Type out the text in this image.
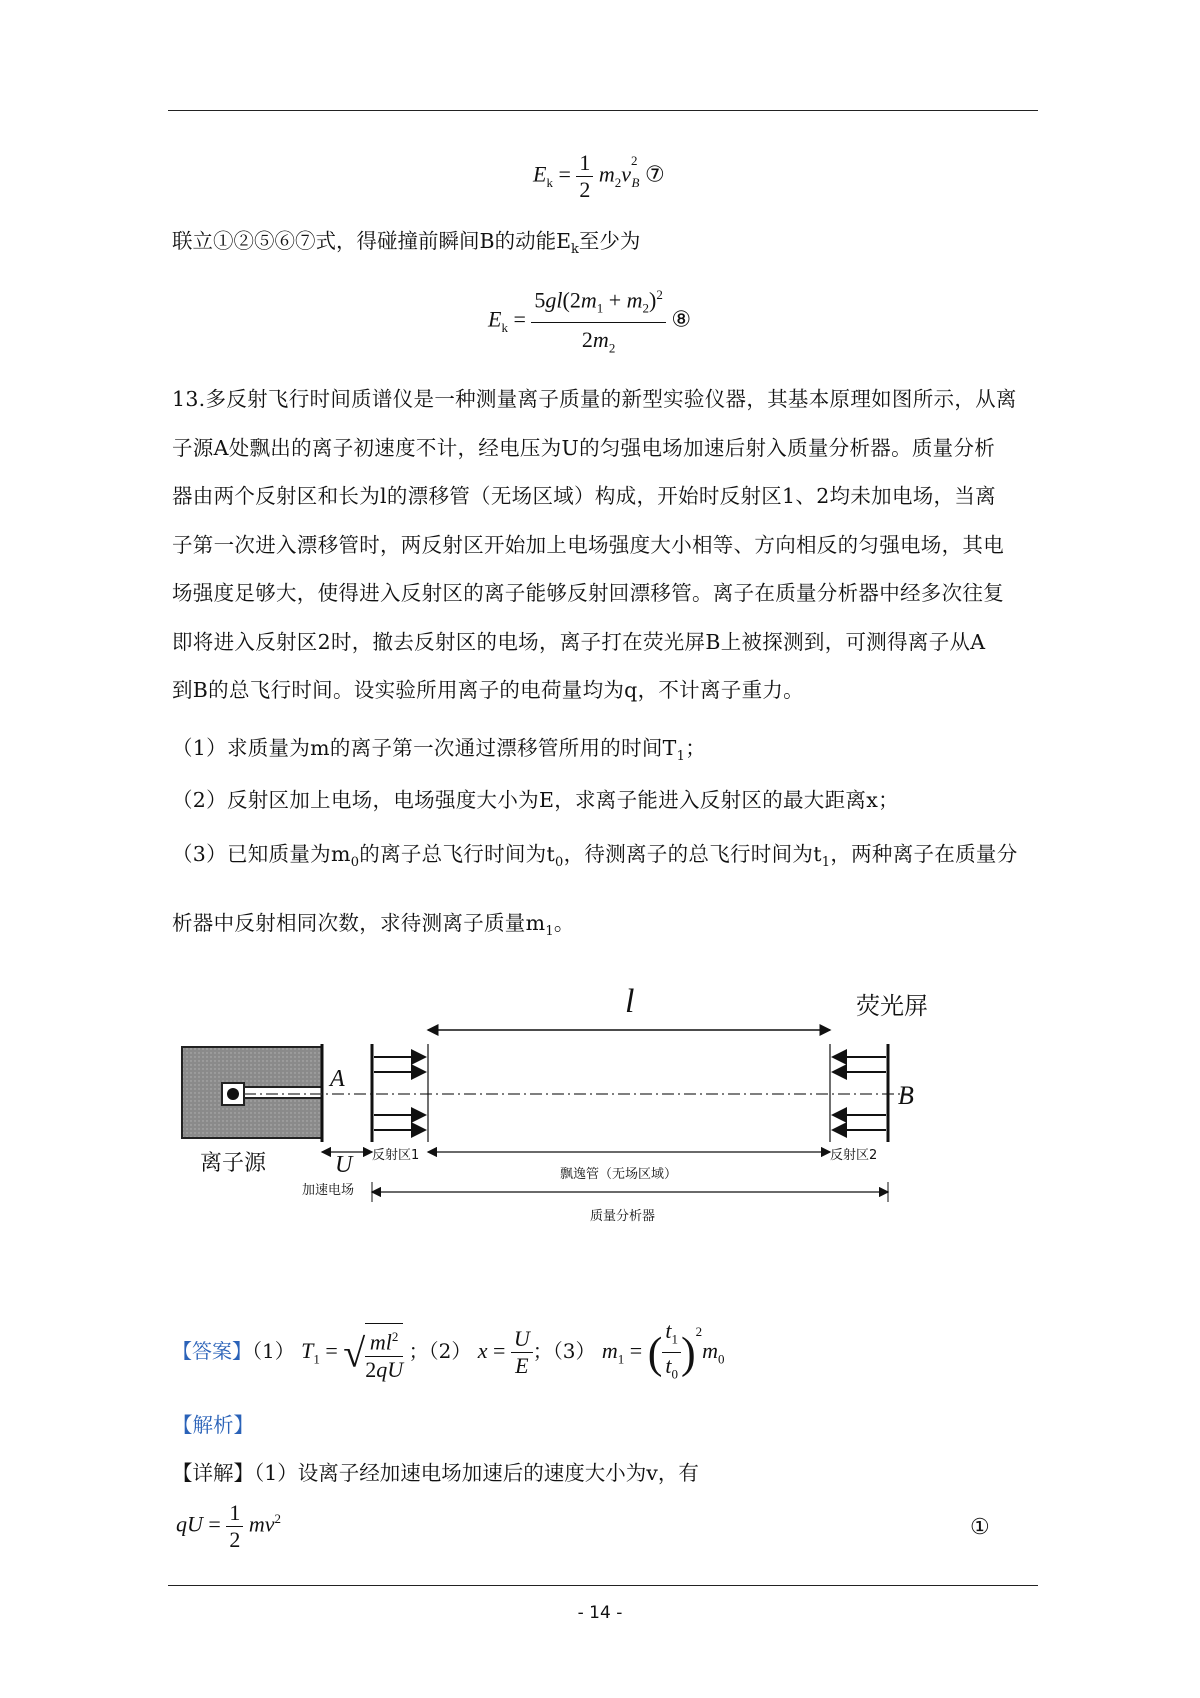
$E_k = \frac{1}{2} m_2v^2_B$ ⑦
联立①②⑤⑥⑦式，得碰撞前瞬间B的动能$E_k$至少为
$E_k = \frac{5gl(2m_1 + m_2)^2}{2m_2}$ ⑧
13.多反射飞行时间质谱仪是一种测量离子质量的新型实验仪器，其基本原理如图所示，从离
子源A处飘出的离子初速度不计，经电压为U的匀强电场加速后射入质量分析器。质量分析
器由两个反射区和长为l的漂移管（无场区域）构成，开始时反射区1、2均未加电场，当离
子第一次进入漂移管时，两反射区开始加上电场强度大小相等、方向相反的匀强电场，其电
场强度足够大，使得进入反射区的离子能够反射回漂移管。离子在质量分析器中经多次往复
即将进入反射区2时，撤去反射区的电场，离子打在荧光屏B上被探测到，可测得离子从A
到B的总飞行时间。设实验所用离子的电荷量均为q，不计离子重力。
（1）求质量为m的离子第一次通过漂移管所用的时间$T_1$；
（2）反射区加上电场，电场强度大小为E，求离子能进入反射区的最大距离x；
（3）已知质量为$m_0$的离子总飞行时间为$t_0$，待测离子的总飞行时间为$t_1$，两种离子在质量分
析器中反射相同次数，求待测离子质量$m_1$。
l	荧光屏
A
B
离子源	U
加速电场
反射区1	反射区2
飘逸管（无场区域）
质量分析器
【答案】（1） $T_1$ = √ $\frac{ml^2}{2qU}$ ；（2） $x = \frac{U}{E}$ ；（3） $m_1$ = ( $\frac{t_1}{t_0} )^2m_0$
【解析】
【详解】（1）设离子经加速电场加速后的速度大小为v，有
qU = $\frac{1}{2} mv^2$	①
- 14 -
